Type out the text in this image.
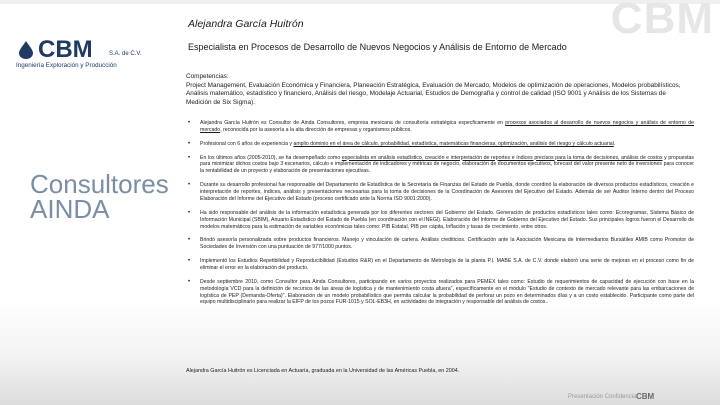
CBM
CBM	S.A. de C.V.
Ingeniería Exploración y Producción
Consultores
AINDA
Alejandra García Huitrón
Especialista en Procesos de Desarrollo de Nuevos Negocios y Análisis de Entorno de Mercado
Competencias:
Project Management, Evaluación Económica y Financiera, Planeación Estratégica, Evaluación de Mercado, Modelos de optimización de operaciones, Modelos probabilísticos, Análisis matemático, estadístico y financiero, Análisis del riesgo, Modelaje Actuarial, Estudios de Demografía y control de calidad (ISO 9001 y Análisis de los Sistemas de Medición de Six Sigma).
• Alejandra García Huitrón es Consultor de Ainda Consultores, empresa mexicana de consultoría estratégica especficamente en procesos asociados al desarrollo de nuevos negocios y análisis de entorno de mercado, reconocida por la asesoría a la alta dirección de empresas y organismos públicos.
• Profesional con 6 años de experiencia y amplio dominio en el área de cálculo, probabilidad, estadística, matemáticas financieras, optimización, análisis del riesgo y cálculo actuarial.
• En los últimos años (2005-2010), se ha desempeñado como especialista en análisis estadístico, creación e interpretación de reportes e índices precisos para la toma de decisiones, análisis de costos y propuestas para minimizar dichos costos bajo 3 escenarios, cálculo e implementación de indicadores y métricas de negocio, elaboración de documentos ejecutivos, forecast del valor presente neto de inversiones para conocer la rentabilidad de un proyecto y elaboración de presentaciones ejecutivas.
• Durante su desarrollo profesional fue responsable del Departamento de Estadística de la Secretaría de Finanzas del Estado de Puebla, donde coordinó la elaboración de diversos productos estadísticos, creación e interpretación de reportes, índices, análisis y presentaciones necesarias para la toma de decisiones de la Coordinación de Asesores del Ejecutivo del Estado. Además de ser Auditor Interno dentro del Proceso Elaboración del Informe del Ejecutivo del Estado (proceso certificado ante la Norma ISO 9001:2000).
• Ha sido responsable del análisis de la información estadística generada por los diferentes sectores del Gobierno del Estado. Generación de productos estadísticos tales como: Ecoregramas, Sistema Básico de Información Municipal (SBIM), Anuario Estadístico del Estado de Puebla (en coordinación con el INEGI). Elaboración del Informe de Gobierno del Ejecutivo del Estado. Sus principales logros fueron el Desarrollo de modelos matemáticos para la estimación de variables económicas tales como: PIB Estatal, PIB per cápita, Inflación y tasas de crecimiento, entre otros.
• Brindó asesoría personalizada sobre productos financieros. Manejo y vinculación de cartera. Análisis crediticios. Certificación ante la Asociación Mexicana de Intermediarios Bursátiles AMIB como Promotor de Sociedades de Inversión con una puntuación de 977/1000 puntos.
• Implementó los Estudios Repetibilidad y Reproducibilidad (Estudios R&R) en el Departamento de Metrología de la planta P.I. MABE S.A. de C.V. donde elaboró una serie de mejoras en el proceso como fin de eliminar el error en la elaboración del producto.
• Desde septiembre 2010, como Consultor para Ainda Consultores, participando en varios proyectos realizados para PEMEX tales como: Estudio de requerimientos de capacidad de ejecución con base en la metodología VCD para la definición de recursos de las áreas de logística y de mantenimiento costa afuera", específicamente en el módulo "Estudio de contexto de mercado relevante para las embarcaciones de logística de PEP (Demanda-Oferta)". Elaboración de un modelo probabilístico que permita calcular la probabilidad de perforar un pozo en determinados días y a un costo establecido. Participante como parte del equipo multidisciplinario para realizar la EIFP de los pozos FUR-1015 y SOL-EB3H, en actividades de integración y responsable del análisis de costos..
Alejandra García Huitrón es Licenciada en Actuaría, graduada en la Universidad de las Américas Puebla, en 2004.
Presentación Confidencial
CBM
